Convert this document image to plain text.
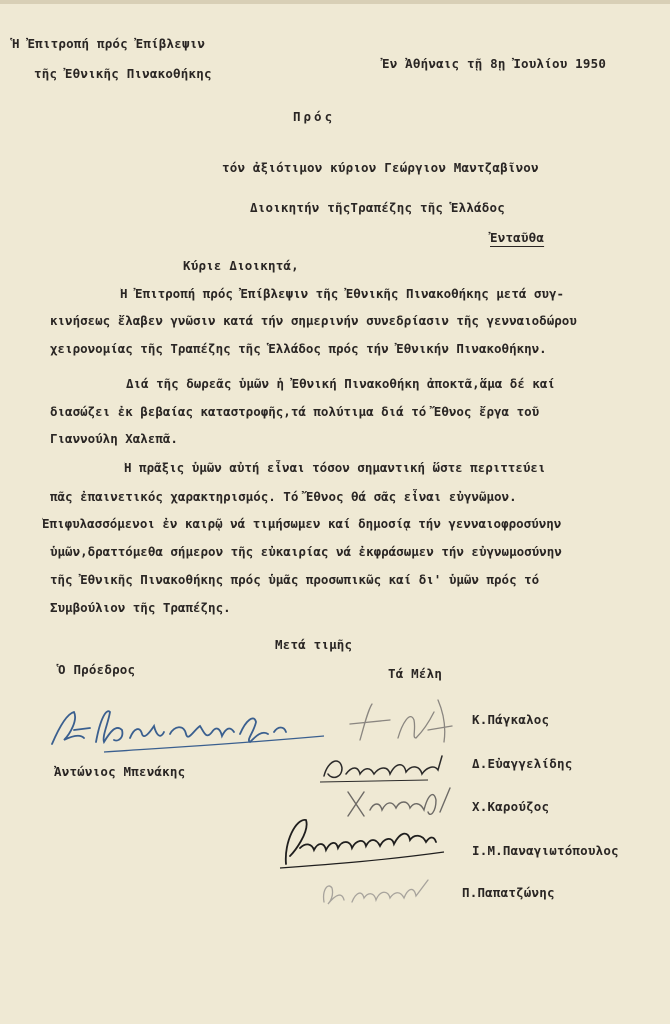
Ἡ Ἐπιτροπή πρός Ἐπίβλεψιν
τῆς Ἐθνικῆς Πινακοθήκης
Ἐν Ἀθήναις τῇ 8ῃ Ἰουλίου 1950
Πρός
τόν ἀξιότιμον κύριον Γεώργιον Μαντζαβῖνον
Διοικητήν τῆςΤραπέζης τῆς Ἑλλάδος
Ἐνταῦθα
Κύριε Διοικητά,
Ἡ Ἐπιτροπή πρός Ἐπίβλεψιν τῆς Ἐθνικῆς Πινακοθήκης μετά συγ-
κινήσεως ἔλαβεν γνῶσιν κατά τήν σημερινήν συνεδρίασιν τῆς γενναιοδώρου
χειρονομίας τῆς Τραπέζης τῆς Ἑλλάδος πρός τήν Ἐθνικήν Πινακοθήκην.
Διά τῆς δωρεᾶς ὑμῶν ἡ Ἐθνική Πινακοθήκη ἀποκτᾶ,ἅμα δέ καί
διασώζει ἐκ βεβαίας καταστροφῆς,τά πολύτιμα διά τό Ἔθνος ἔργα τοῦ
Γιαννούλη Χαλεπᾶ.
Ἡ πρᾶξις ὑμῶν αὐτή εἶναι τόσον σημαντική ὥστε περιττεύει
πᾶς ἐπαινετικός χαρακτηρισμός. Τό Ἔθνος θά σᾶς εἶναι εὐγνῶμον.
Ἐπιφυλασσόμενοι ἐν καιρῷ νά τιμήσωμεν καί δημοσίᾳ τήν γενναιοφροσύνην
ὑμῶν,δραττόμεθα σήμερον τῆς εὐκαιρίας νά ἐκφράσωμεν τήν εὐγνωμοσύνην
τῆς Ἐθνικῆς Πινακοθήκης πρός ὑμᾶς προσωπικῶς καί δι' ὑμῶν πρός τό
Συμβούλιον τῆς Τραπέζης.
Μετά τιμῆς
Ὁ Πρόεδρος	Τά Μέλη
Ἀντώνιος Μπενάκης
Κ.Πάγκαλος
Δ.Εὐαγγελίδης
Χ.Καρούζος
Ι.Μ.Παναγιωτόπουλος
Π.Παπατζώνης
